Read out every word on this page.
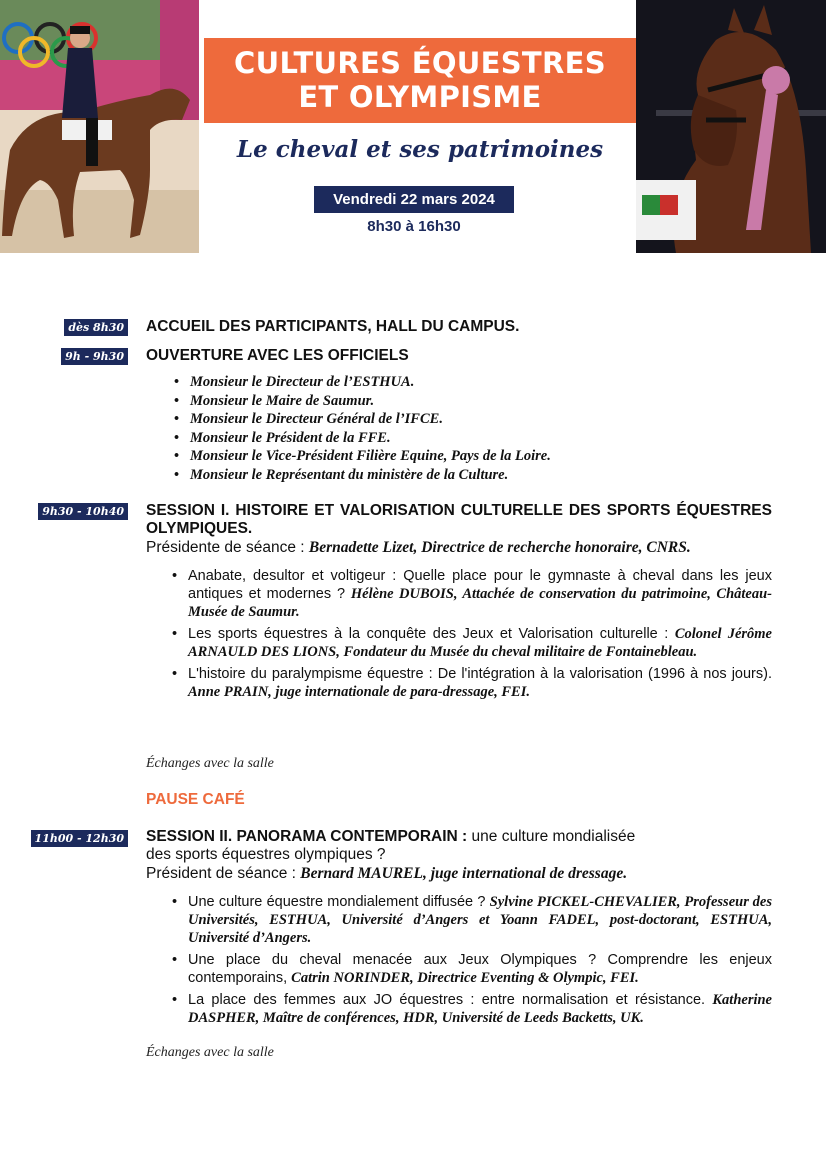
CULTURES ÉQUESTRES
ET OLYMPISME
Le cheval et ses patrimoines
Vendredi 22 mars 2024
8h30 à 16h30
dès 8h30 ACCUEIL DES PARTICIPANTS, HALL DU CAMPUS.
9h - 9h30 OUVERTURE AVEC LES OFFICIELS
• Monsieur le Directeur de l’ESTHUA.
• Monsieur le Maire de Saumur.
• Monsieur le Directeur Général de l’IFCE.
• Monsieur le Président de la FFE.
• Monsieur le Vice-Président Filière Equine, Pays de la Loire.
• Monsieur le Représentant du ministère de la Culture.
9h30 - 10h40 SESSION I. HISTOIRE ET VALORISATION CULTURELLE DES SPORTS ÉQUESTRES OLYMPIQUES.
Présidente de séance : Bernadette Lizet, Directrice de recherche honoraire, CNRS.
• Anabate, desultor et voltigeur : Quelle place pour le gymnaste à cheval dans les jeux antiques et modernes ? Hélène DUBOIS, Attachée de conservation du patrimoine, Château-Musée de Saumur.
• Les sports équestres à la conquête des Jeux et Valorisation culturelle : Colonel Jérôme ARNAULD DES LIONS, Fondateur du Musée du cheval militaire de Fontainebleau.
• L'histoire du paralympisme équestre : De l'intégration à la valorisation (1996 à nos jours). Anne PRAIN, juge internationale de para-dressage, FEI.
Échanges avec la salle
PAUSE CAFÉ
11h00 - 12h30 SESSION II. PANORAMA CONTEMPORAIN : une culture mondialisée
des sports équestres olympiques ?
Président de séance : Bernard MAUREL, juge international de dressage.
• Une culture équestre mondialement diffusée ? Sylvine PICKEL-CHEVALIER, Professeur des Universités, ESTHUA, Université d’Angers et Yoann FADEL, post-doctorant, ESTHUA, Université d’Angers.
• Une place du cheval menacée aux Jeux Olympiques ? Comprendre les enjeux contemporains, Catrin NORINDER, Directrice Eventing & Olympic, FEI.
• La place des femmes aux JO équestres : entre normalisation et résistance. Katherine DASPHER, Maître de conférences, HDR, Université de Leeds Backetts, UK.
Échanges avec la salle
